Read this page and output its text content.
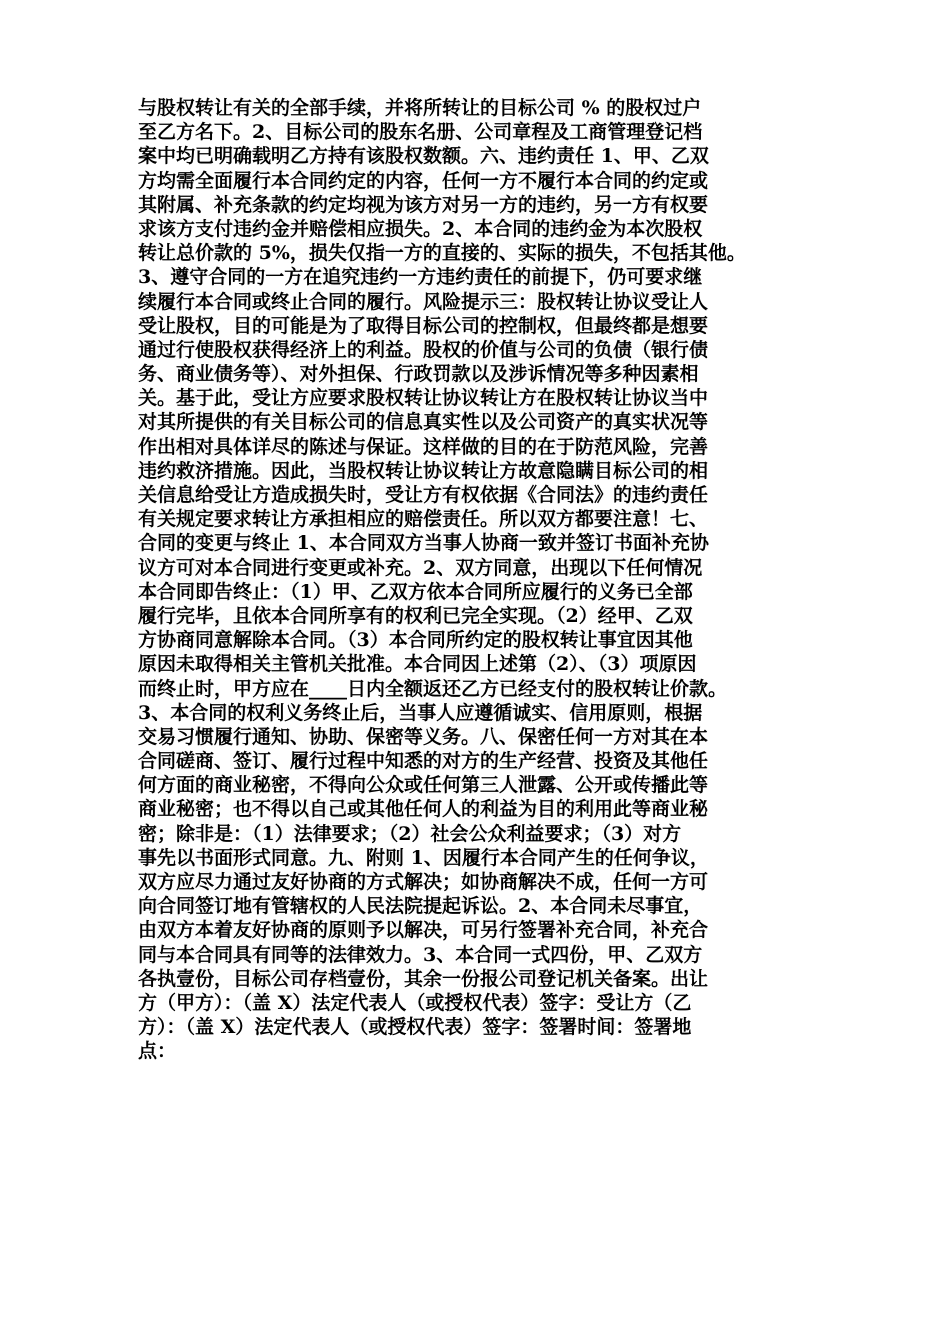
与股权转让有关的全部手续，并将所转让的目标公司 % 的股权过户
至乙方名下。2、目标公司的股东名册、公司章程及工商管理登记档
案中均已明确载明乙方持有该股权数额。六、违约责任 1、甲、乙双
方均需全面履行本合同约定的内容，任何一方不履行本合同的约定或
其附属、补充条款的约定均视为该方对另一方的违约，另一方有权要
求该方支付违约金并赔偿相应损失。2、本合同的违约金为本次股权
转让总价款的 5%，损失仅指一方的直接的、实际的损失，不包括其他。
3、遵守合同的一方在追究违约一方违约责任的前提下，仍可要求继
续履行本合同或终止合同的履行。风险提示三：股权转让协议受让人
受让股权，目的可能是为了取得目标公司的控制权，但最终都是想要
通过行使股权获得经济上的利益。股权的价值与公司的负债（银行债
务、商业债务等）、对外担保、行政罚款以及涉诉情况等多种因素相
关。基于此，受让方应要求股权转让协议转让方在股权转让协议当中
对其所提供的有关目标公司的信息真实性以及公司资产的真实状况等
作出相对具体详尽的陈述与保证。这样做的目的在于防范风险，完善
违约救济措施。因此，当股权转让协议转让方故意隐瞒目标公司的相
关信息给受让方造成损失时，受让方有权依据《合同法》的违约责任
有关规定要求转让方承担相应的赔偿责任。所以双方都要注意！七、
合同的变更与终止 1、本合同双方当事人协商一致并签订书面补充协
议方可对本合同进行变更或补充。2、双方同意，出现以下任何情况
本合同即告终止：（1）甲、乙双方依本合同所应履行的义务已全部
履行完毕，且依本合同所享有的权利已完全实现。（2）经甲、乙双
方协商同意解除本合同。（3）本合同所约定的股权转让事宜因其他
原因未取得相关主管机关批准。本合同因上述第（2）、（3）项原因
而终止时，甲方应在____日内全额返还乙方已经支付的股权转让价款。
3、本合同的权利义务终止后，当事人应遵循诚实、信用原则，根据
交易习惯履行通知、协助、保密等义务。八、保密任何一方对其在本
合同磋商、签订、履行过程中知悉的对方的生产经营、投资及其他任
何方面的商业秘密，不得向公众或任何第三人泄露、公开或传播此等
商业秘密；也不得以自己或其他任何人的利益为目的利用此等商业秘
密；除非是：（1）法律要求；（2）社会公众利益要求；（3）对方
事先以书面形式同意。九、附则 1、因履行本合同产生的任何争议，
双方应尽力通过友好协商的方式解决；如协商解决不成，任何一方可
向合同签订地有管辖权的人民法院提起诉讼。2、本合同未尽事宜，
由双方本着友好协商的原则予以解决，可另行签署补充合同，补充合
同与本合同具有同等的法律效力。3、本合同一式四份，甲、乙双方
各执壹份，目标公司存档壹份，其余一份报公司登记机关备案。出让
方（甲方）：（盖 X）法定代表人（或授权代表）签字：受让方（乙
方）：（盖 X）法定代表人（或授权代表）签字：签署时间：签署地
点：
